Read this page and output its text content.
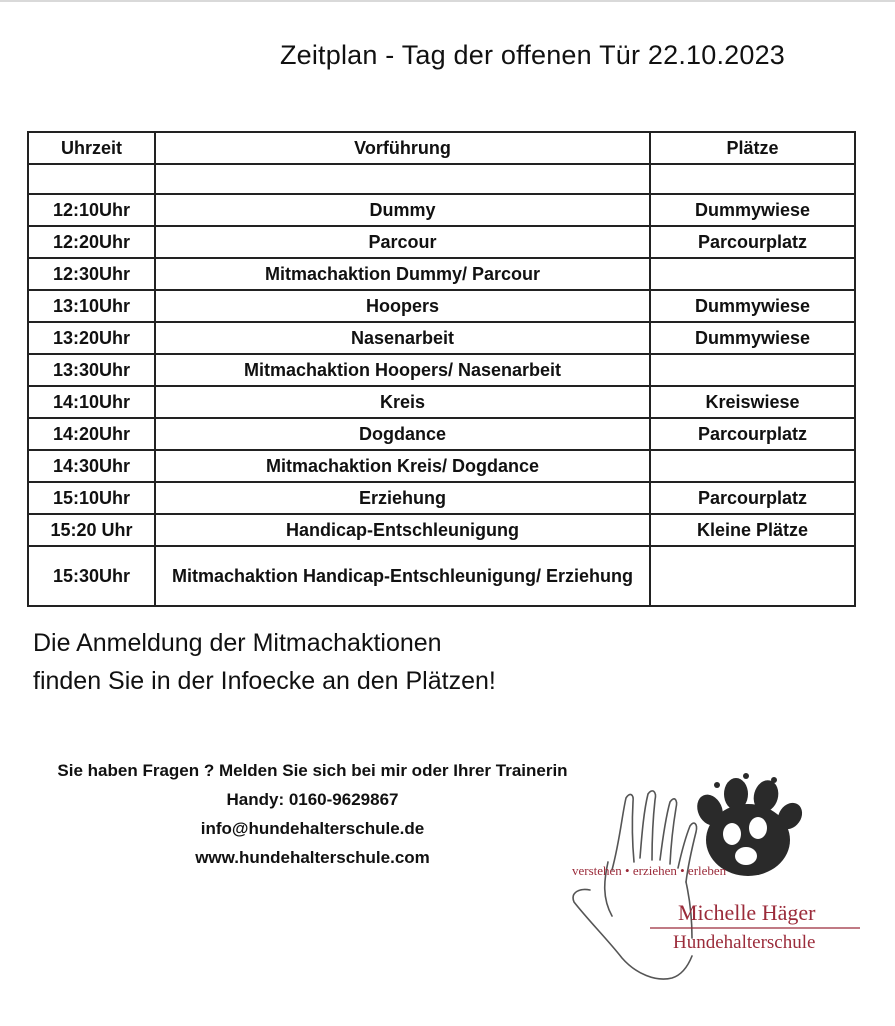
Zeitplan - Tag der offenen Tür 22.10.2023
Uhrzeit	Vorführung	Plätze

12:10Uhr	Dummy	Dummywiese
12:20Uhr	Parcour	Parcourplatz
12:30Uhr	Mitmachaktion Dummy/ Parcour	
13:10Uhr	Hoopers	Dummywiese
13:20Uhr	Nasenarbeit	Dummywiese
13:30Uhr	Mitmachaktion Hoopers/ Nasenarbeit	
14:10Uhr	Kreis	Kreiswiese
14:20Uhr	Dogdance	Parcourplatz
14:30Uhr	Mitmachaktion Kreis/ Dogdance	
15:10Uhr	Erziehung	Parcourplatz
15:20 Uhr	Handicap-Entschleunigung	Kleine Plätze
15:30Uhr	Mitmachaktion Handicap-Entschleunigung/ Erziehung	
Die Anmeldung der Mitmachaktionen
finden Sie in der Infoecke an den Plätzen!
Sie haben Fragen ? Melden Sie sich bei mir oder Ihrer Trainerin
Handy: 0160-9629867
info@hundehalterschule.de
www.hundehalterschule.com
verstehen • erziehen • erleben
Michelle Häger
Hundehalterschule
